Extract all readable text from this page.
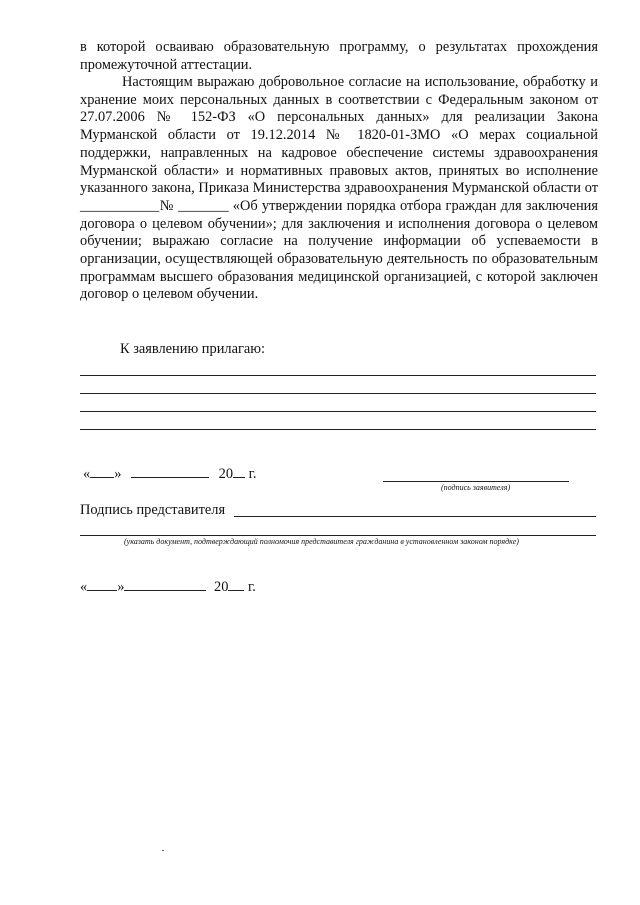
в которой осваиваю образовательную программу, о результатах прохождения промежуточной аттестации.

Настоящим выражаю добровольное согласие на использование, обработку и хранение моих персональных данных в соответствии с Федеральным законом от 27.07.2006 № 152-ФЗ «О персональных данных» для реализации Закона Мурманской области от 19.12.2014 № 1820-01-ЗМО «О мерах социальной поддержки, направленных на кадровое обеспечение системы здравоохранения Мурманской области» и нормативных правовых актов, принятых во исполнение указанного закона, Приказа Министерства здравоохранения Мурманской области от ___________№ _______ «Об утверждении порядка отбора граждан для заключения договора о целевом обучении»; для заключения и исполнения договора о целевом обучении; выражаю согласие на получение информации об успеваемости в организации, осуществляющей образовательную деятельность по образовательным программам высшего образования медицинской организацией, с которой заключен договор о целевом обучении.

К заявлению прилагаю:
« »	20 г.
(подпись заявителя)
Подпись представителя
(указать документ, подтверждающий полномочия представителя гражданина в установленном законом порядке)
« »	20 г.
